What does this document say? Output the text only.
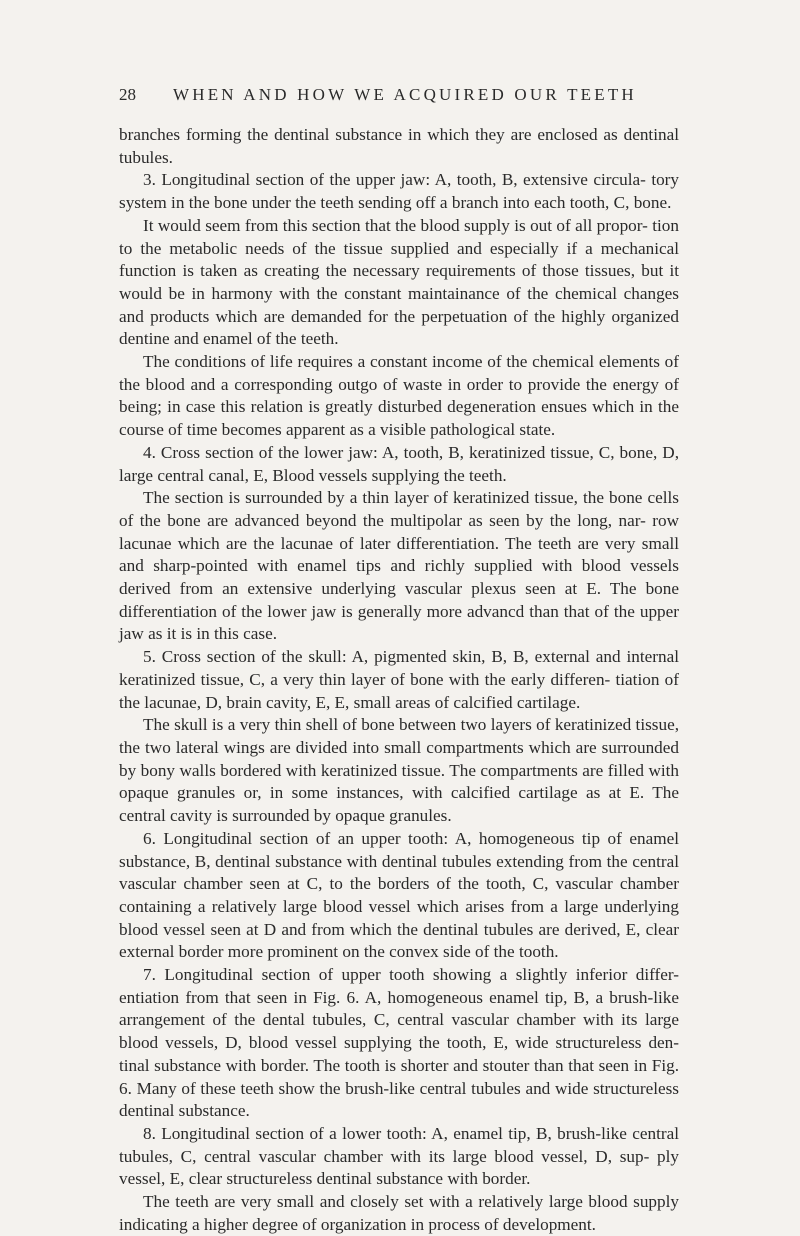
28	WHEN AND HOW WE ACQUIRED OUR TEETH

branches forming the dentinal substance in which they are enclosed as dentinal tubules.

3. Longitudinal section of the upper jaw: A, tooth, B, extensive circula- tory system in the bone under the teeth sending off a branch into each tooth, C, bone.

It would seem from this section that the blood supply is out of all propor- tion to the metabolic needs of the tissue supplied and especially if a mechanical function is taken as creating the necessary requirements of those tissues, but it would be in harmony with the constant maintainance of the chemical changes and products which are demanded for the perpetuation of the highly organized dentine and enamel of the teeth.

The conditions of life requires a constant income of the chemical elements of the blood and a corresponding outgo of waste in order to provide the energy of being; in case this relation is greatly disturbed degeneration ensues which in the course of time becomes apparent as a visible pathological state.

4. Cross section of the lower jaw: A, tooth, B, keratinized tissue, C, bone, D, large central canal, E, Blood vessels supplying the teeth.

The section is surrounded by a thin layer of keratinized tissue, the bone cells of the bone are advanced beyond the multipolar as seen by the long, nar- row lacunae which are the lacunae of later differentiation. The teeth are very small and sharp-pointed with enamel tips and richly supplied with blood vessels derived from an extensive underlying vascular plexus seen at E. The bone differentiation of the lower jaw is generally more advancd than that of the upper jaw as it is in this case.

5. Cross section of the skull: A, pigmented skin, B, B, external and internal keratinized tissue, C, a very thin layer of bone with the early differen- tiation of the lacunae, D, brain cavity, E, E, small areas of calcified cartilage.

The skull is a very thin shell of bone between two layers of keratinized tissue, the two lateral wings are divided into small compartments which are surrounded by bony walls bordered with keratinized tissue. The compartments are filled with opaque granules or, in some instances, with calcified cartilage as at E. The central cavity is surrounded by opaque granules.

6. Longitudinal section of an upper tooth: A, homogeneous tip of enamel substance, B, dentinal substance with dentinal tubules extending from the central vascular chamber seen at C, to the borders of the tooth, C, vascular chamber containing a relatively large blood vessel which arises from a large underlying blood vessel seen at D and from which the dentinal tubules are derived, E, clear external border more prominent on the convex side of the tooth.

7. Longitudinal section of upper tooth showing a slightly inferior differ- entiation from that seen in Fig. 6. A, homogeneous enamel tip, B, a brush-like arrangement of the dental tubules, C, central vascular chamber with its large blood vessels, D, blood vessel supplying the tooth, E, wide structureless den- tinal substance with border. The tooth is shorter and stouter than that seen in Fig. 6. Many of these teeth show the brush-like central tubules and wide structureless dentinal substance.

8. Longitudinal section of a lower tooth: A, enamel tip, B, brush-like central tubules, C, central vascular chamber with its large blood vessel, D, sup- ply vessel, E, clear structureless dentinal substance with border.

The teeth are very small and closely set with a relatively large blood supply indicating a higher degree of organization in process of development.
